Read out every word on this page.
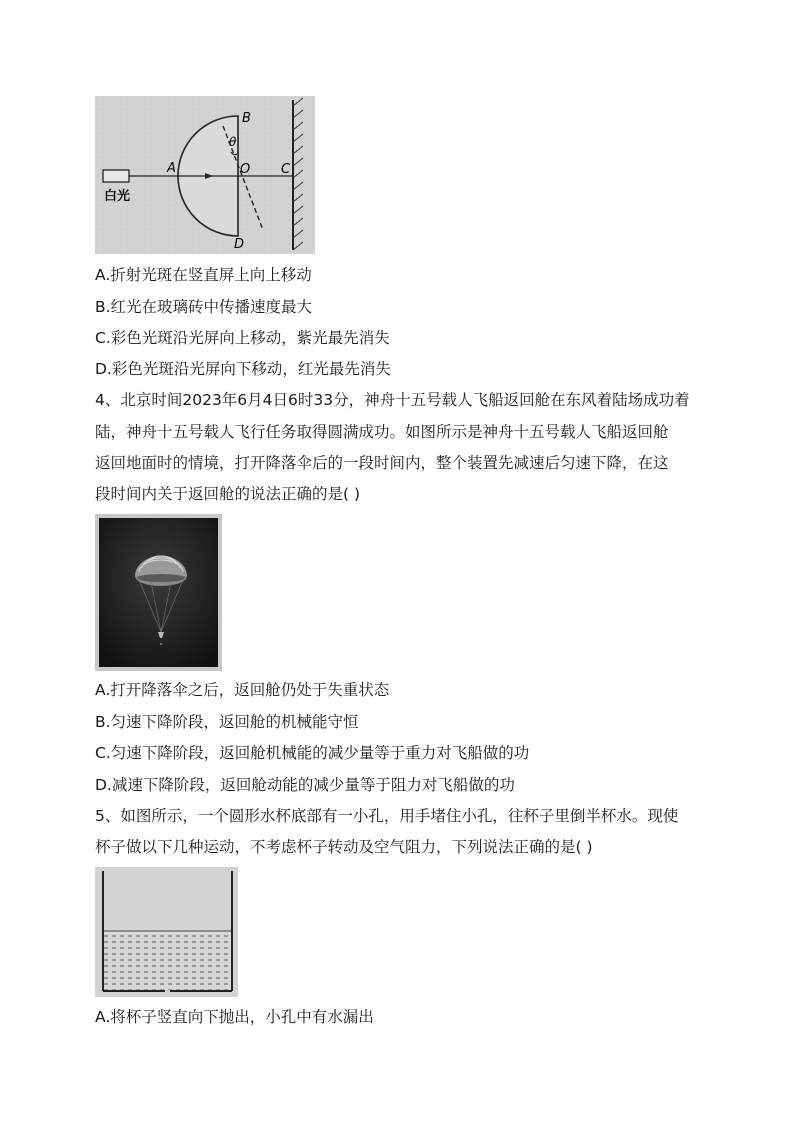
B
θ
A	O C
D
白光
A.折射光斑在竖直屏上向上移动
B.红光在玻璃砖中传播速度最大
C.彩色光斑沿光屏向上移动，紫光最先消失
D.彩色光斑沿光屏向下移动，红光最先消失
4、北京时间2023年6月4日6时33分，神舟十五号载人飞船返回舱在东风着陆场成功着
陆，神舟十五号载人飞行任务取得圆满成功。如图所示是神舟十五号载人飞船返回舱
返回地面时的情境，打开降落伞后的一段时间内，整个装置先减速后匀速下降，在这
段时间内关于返回舱的说法正确的是( )
A.打开降落伞之后，返回舱仍处于失重状态
B.匀速下降阶段，返回舱的机械能守恒
C.匀速下降阶段，返回舱机械能的减少量等于重力对飞船做的功
D.减速下降阶段，返回舱动能的减少量等于阻力对飞船做的功
5、如图所示，一个圆形水杯底部有一小孔，用手堵住小孔，往杯子里倒半杯水。现使
杯子做以下几种运动，不考虑杯子转动及空气阻力，下列说法正确的是( )
A.将杯子竖直向下抛出，小孔中有水漏出
